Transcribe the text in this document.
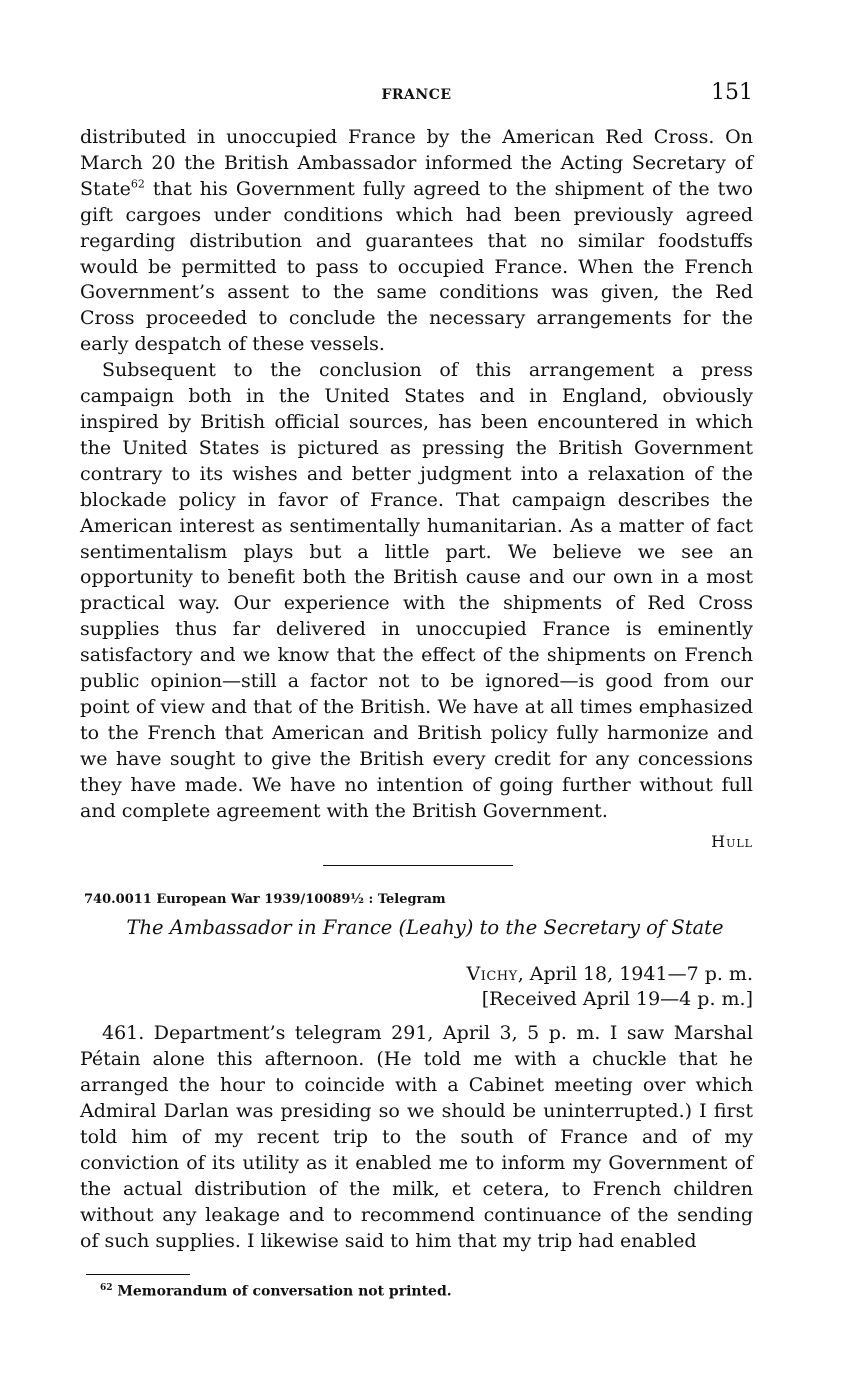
FRANCE	151

distributed in unoccupied France by the American Red Cross. On March 20 the British Ambassador informed the Acting Secretary of State$^{62}$ that his Government fully agreed to the shipment of the two gift cargoes under conditions which had been previously agreed regarding distribution and guarantees that no similar foodstuffs would be permitted to pass to occupied France. When the French Government’s assent to the same conditions was given, the Red Cross proceeded to conclude the necessary arrangements for the early despatch of these vessels.

Subsequent to the conclusion of this arrangement a press campaign both in the United States and in England, obviously inspired by British official sources, has been encountered in which the United States is pictured as pressing the British Government contrary to its wishes and better judgment into a relaxation of the blockade policy in favor of France. That campaign describes the American interest as sentimentally humanitarian. As a matter of fact sentimentalism plays but a little part. We believe we see an opportunity to benefit both the British cause and our own in a most practical way. Our experience with the shipments of Red Cross supplies thus far delivered in unoccupied France is eminently satisfactory and we know that the effect of the shipments on French public opinion—still a factor not to be ignored—is good from our point of view and that of the British. We have at all times emphasized to the French that American and British policy fully harmonize and we have sought to give the British every credit for any concessions they have made. We have no intention of going further without full and complete agreement with the British Government.

Hull
740.0011 European War 1939/10089½ : Telegram
The Ambassador in France (Leahy) to the Secretary of State
Vichy, April 18, 1941—7 p. m.
[Received April 19—4 p. m.]

461. Department’s telegram 291, April 3, 5 p. m. I saw Marshal Pétain alone this afternoon. (He told me with a chuckle that he arranged the hour to coincide with a Cabinet meeting over which Admiral Darlan was presiding so we should be uninterrupted.) I first told him of my recent trip to the south of France and of my conviction of its utility as it enabled me to inform my Government of the actual distribution of the milk, et cetera, to French children without any leakage and to recommend continuance of the sending of such supplies. I likewise said to him that my trip had enabled

$^{62}$ Memorandum of conversation not printed.
